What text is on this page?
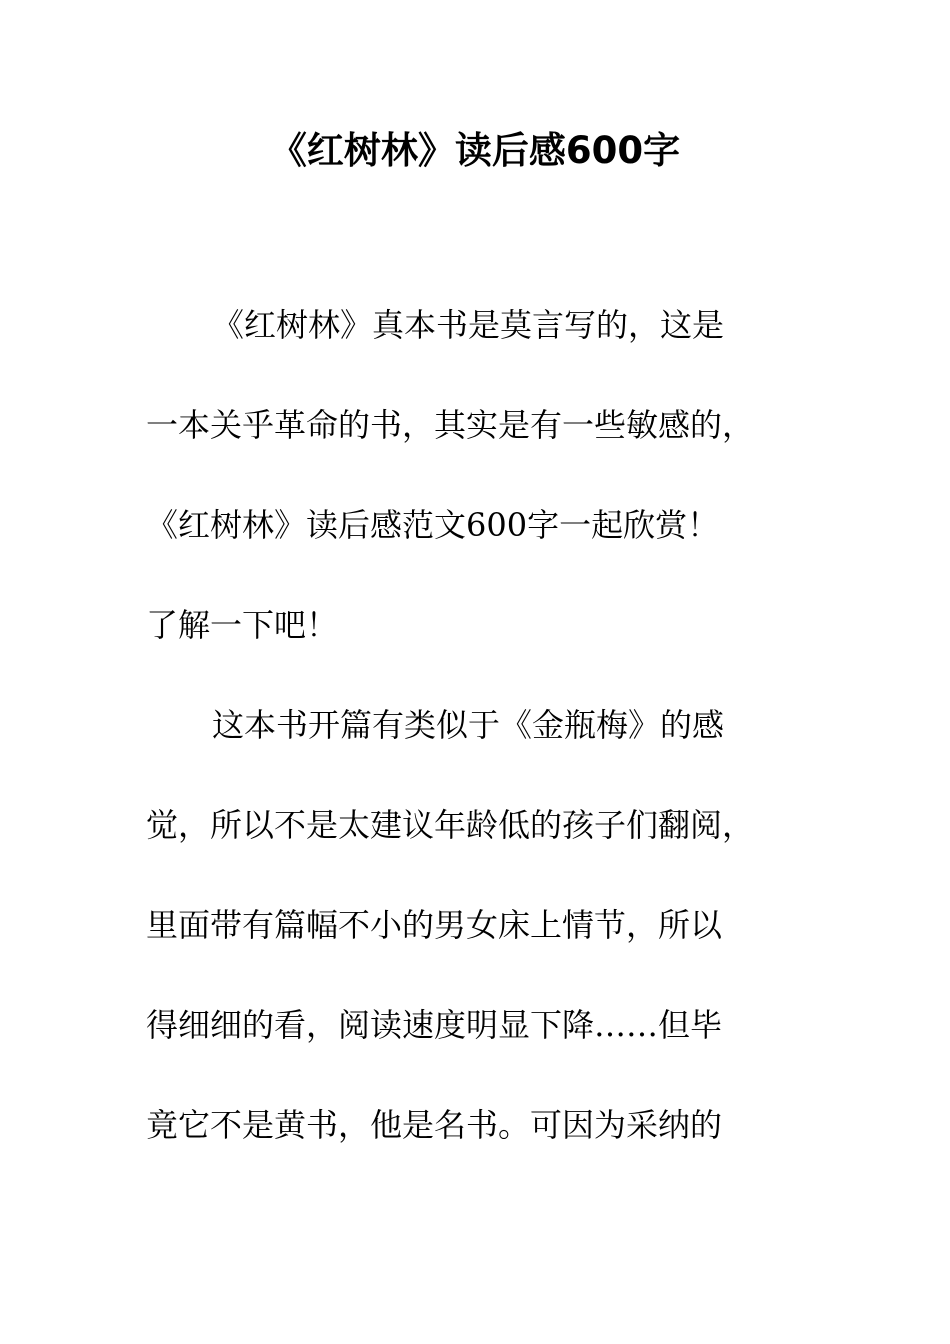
《红树林》读后感600字
《红树林》真本书是莫言写的，这是
一本关乎革命的书，其实是有一些敏感的，
《红树林》读后感范文600字一起欣赏！
了解一下吧！
这本书开篇有类似于《金瓶梅》的感
觉，所以不是太建议年龄低的孩子们翻阅，
里面带有篇幅不小的男女床上情节，所以
得细细的看，阅读速度明显下降……但毕
竟它不是黄书，他是名书。可因为采纳的
